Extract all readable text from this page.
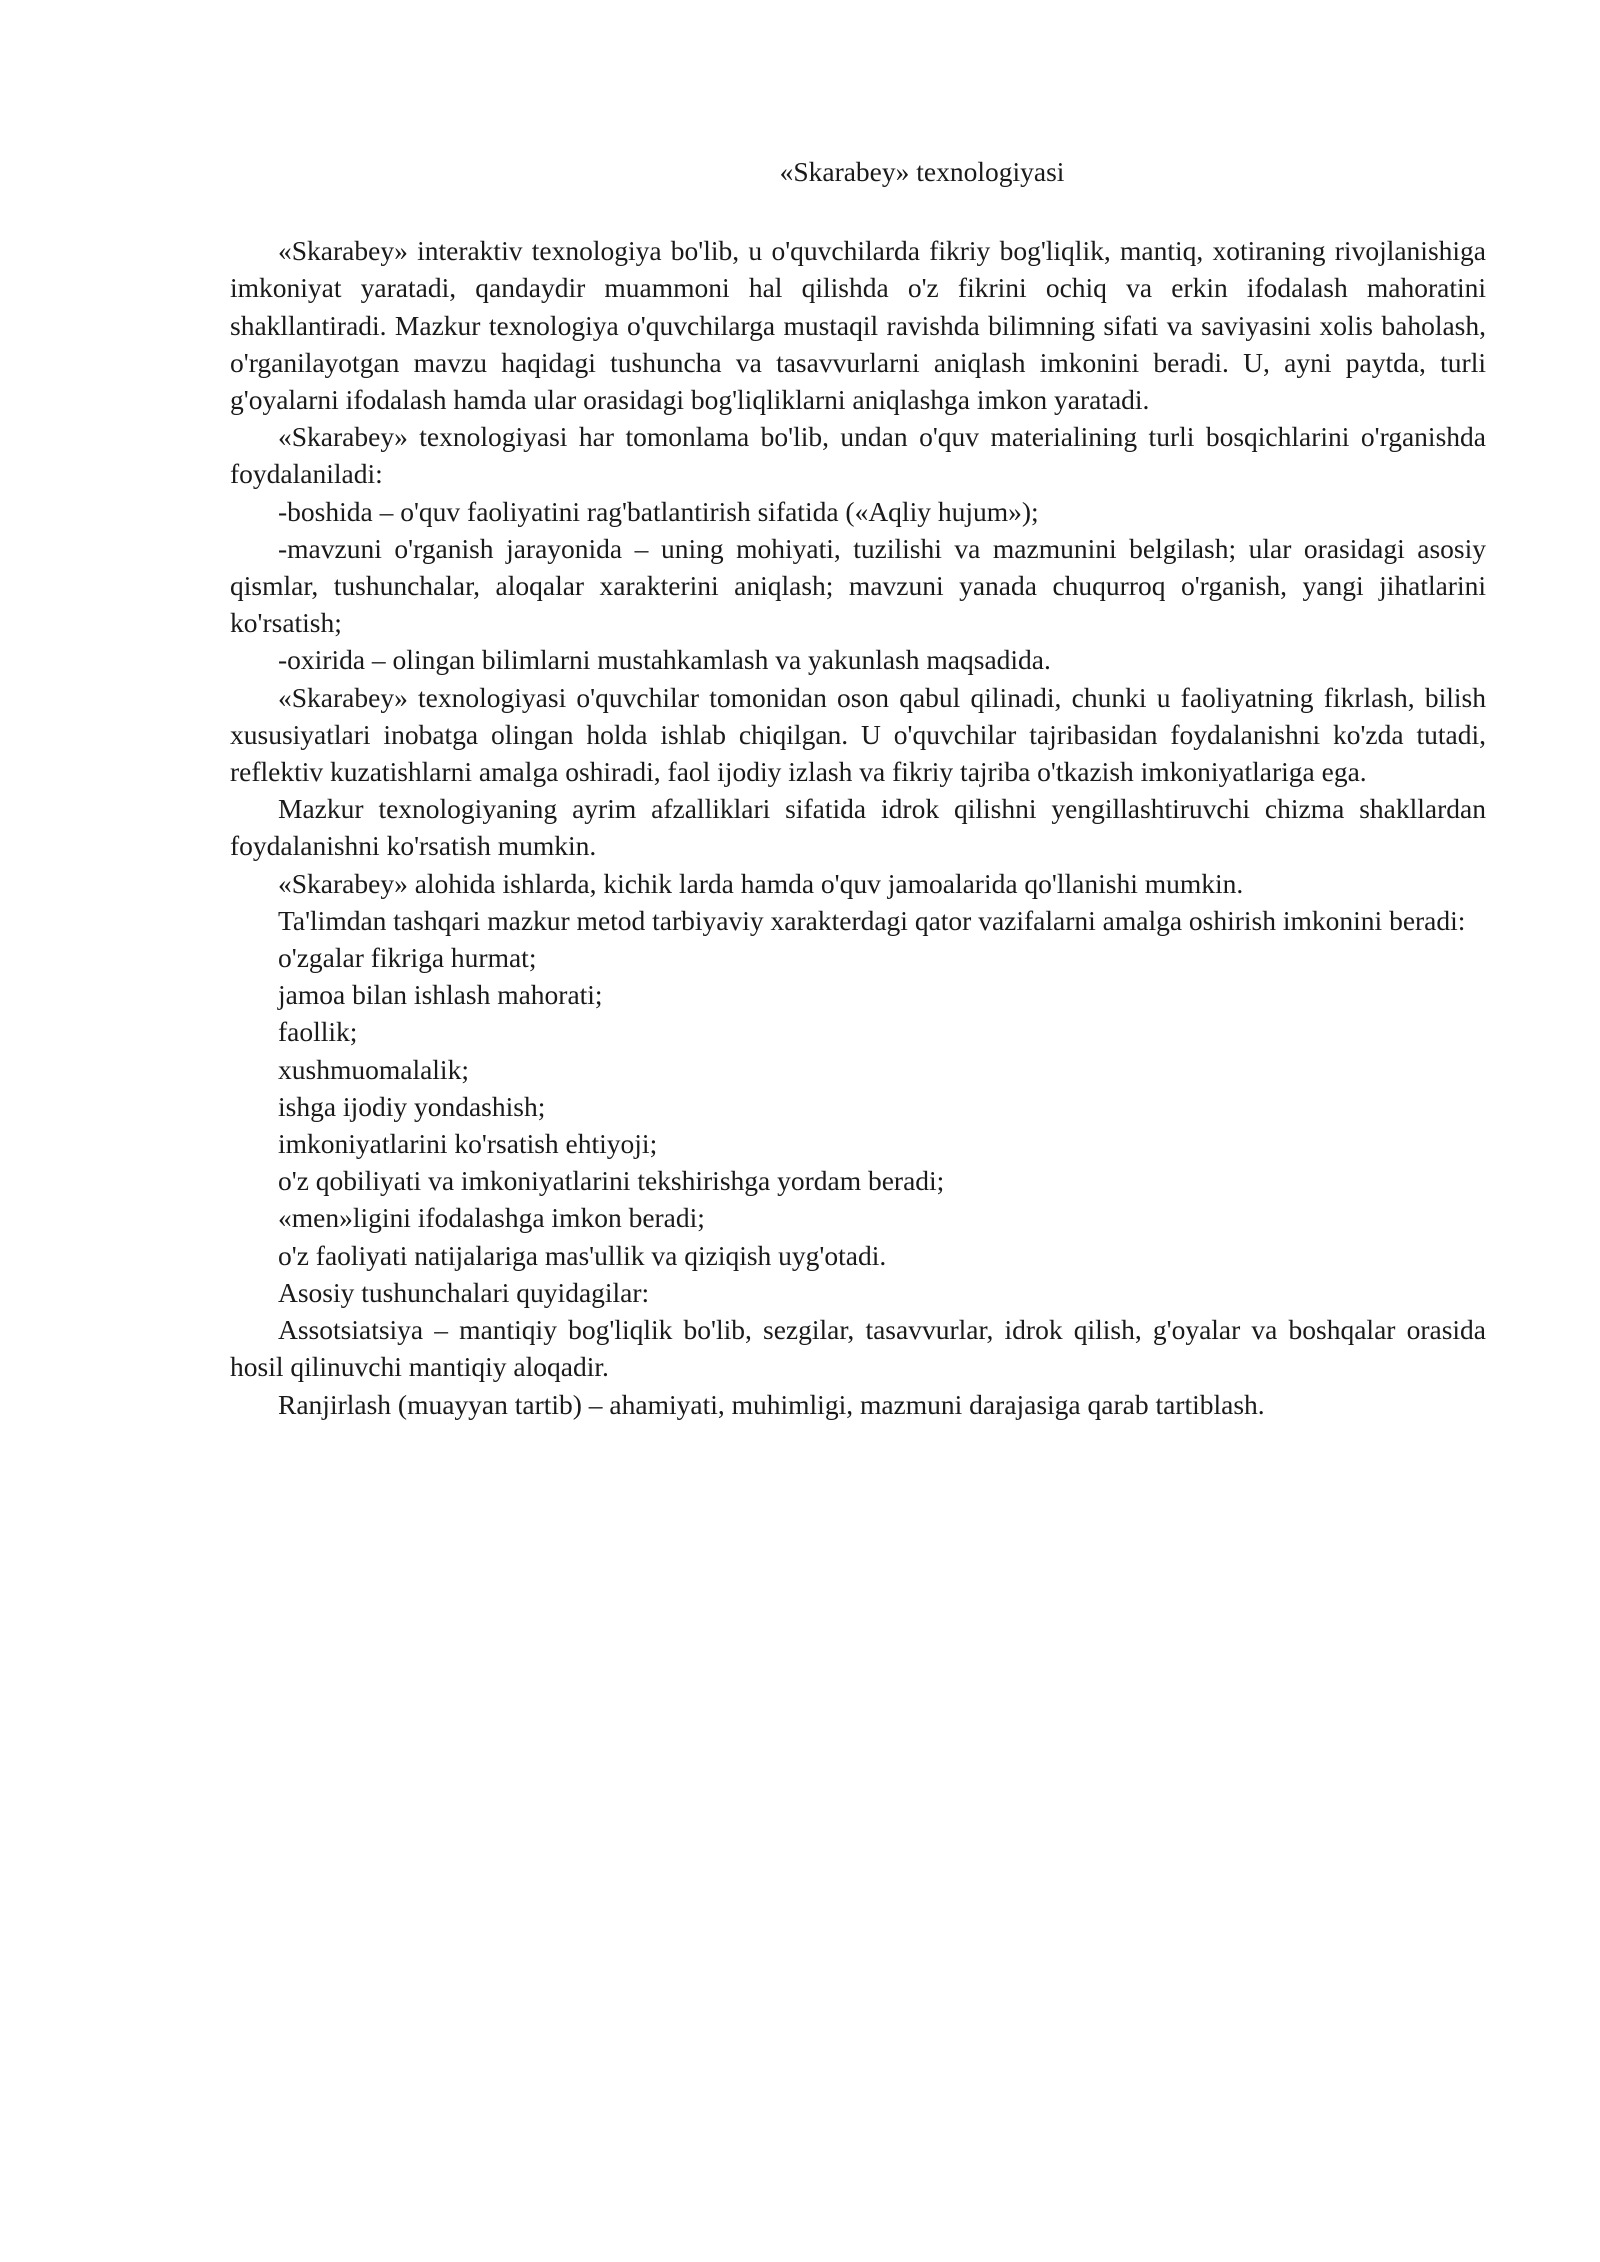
«Skarabey» texnologiyasi
«Skarabey» interaktiv texnologiya bo'lib, u o'quvchilarda fikriy bog'liqlik, mantiq, xotiraning rivojlanishiga imkoniyat yaratadi, qandaydir muammoni hal qilishda o'z fikrini ochiq va erkin ifodalash mahoratini shakllantiradi. Mazkur texnologiya o'quvchilarga mustaqil ravishda bilimning sifati va saviyasini xolis baholash, o'rganilayotgan mavzu haqidagi tushuncha va tasavvurlarni aniqlash imkonini beradi. U, ayni paytda, turli g'oyalarni ifodalash hamda ular orasidagi bog'liqliklarni aniqlashga imkon yaratadi.
«Skarabey» texnologiyasi har tomonlama bo'lib, undan o'quv materialining turli bosqichlarini o'rganishda foydalaniladi:
-boshida – o'quv faoliyatini rag'batlantirish sifatida («Aqliy hujum»);
-mavzuni o'rganish jarayonida – uning mohiyati, tuzilishi va mazmunini belgilash; ular orasidagi asosiy qismlar, tushunchalar, aloqalar xarakterini aniqlash; mavzuni yanada chuqurroq o'rganish, yangi jihatlarini ko'rsatish;
-oxirida – olingan bilimlarni mustahkamlash va yakunlash maqsadida.
«Skarabey» texnologiyasi o'quvchilar tomonidan oson qabul qilinadi, chunki u faoliyatning fikrlash, bilish xususiyatlari inobatga olingan holda ishlab chiqilgan. U o'quvchilar tajribasidan foydalanishni ko'zda tutadi, reflektiv kuzatishlarni amalga oshiradi, faol ijodiy izlash va fikriy tajriba o'tkazish imkoniyatlariga ega.
Mazkur texnologiyaning ayrim afzalliklari sifatida idrok qilishni yengillashtiruvchi chizma shakllardan foydalanishni ko'rsatish mumkin.
«Skarabey» alohida ishlarda, kichik larda hamda o'quv jamoalarida qo'llanishi mumkin.
Ta'limdan tashqari mazkur metod tarbiyaviy xarakterdagi qator vazifalarni amalga oshirish imkonini beradi:
o'zgalar fikriga hurmat;
jamoa bilan ishlash mahorati;
faollik;
xushmuomalalik;
ishga ijodiy yondashish;
imkoniyatlarini ko'rsatish ehtiyoji;
o'z qobiliyati va imkoniyatlarini tekshirishga yordam beradi;
«men»ligini ifodalashga imkon beradi;
o'z faoliyati natijalariga mas'ullik va qiziqish uyg'otadi.
Asosiy tushunchalari quyidagilar:
Assotsiatsiya – mantiqiy bog'liqlik bo'lib, sezgilar, tasavvurlar, idrok qilish, g'oyalar va boshqalar orasida hosil qilinuvchi mantiqiy aloqadir.
Ranjirlash (muayyan tartib) – ahamiyati, muhimligi, mazmuni darajasiga qarab tartiblash.
